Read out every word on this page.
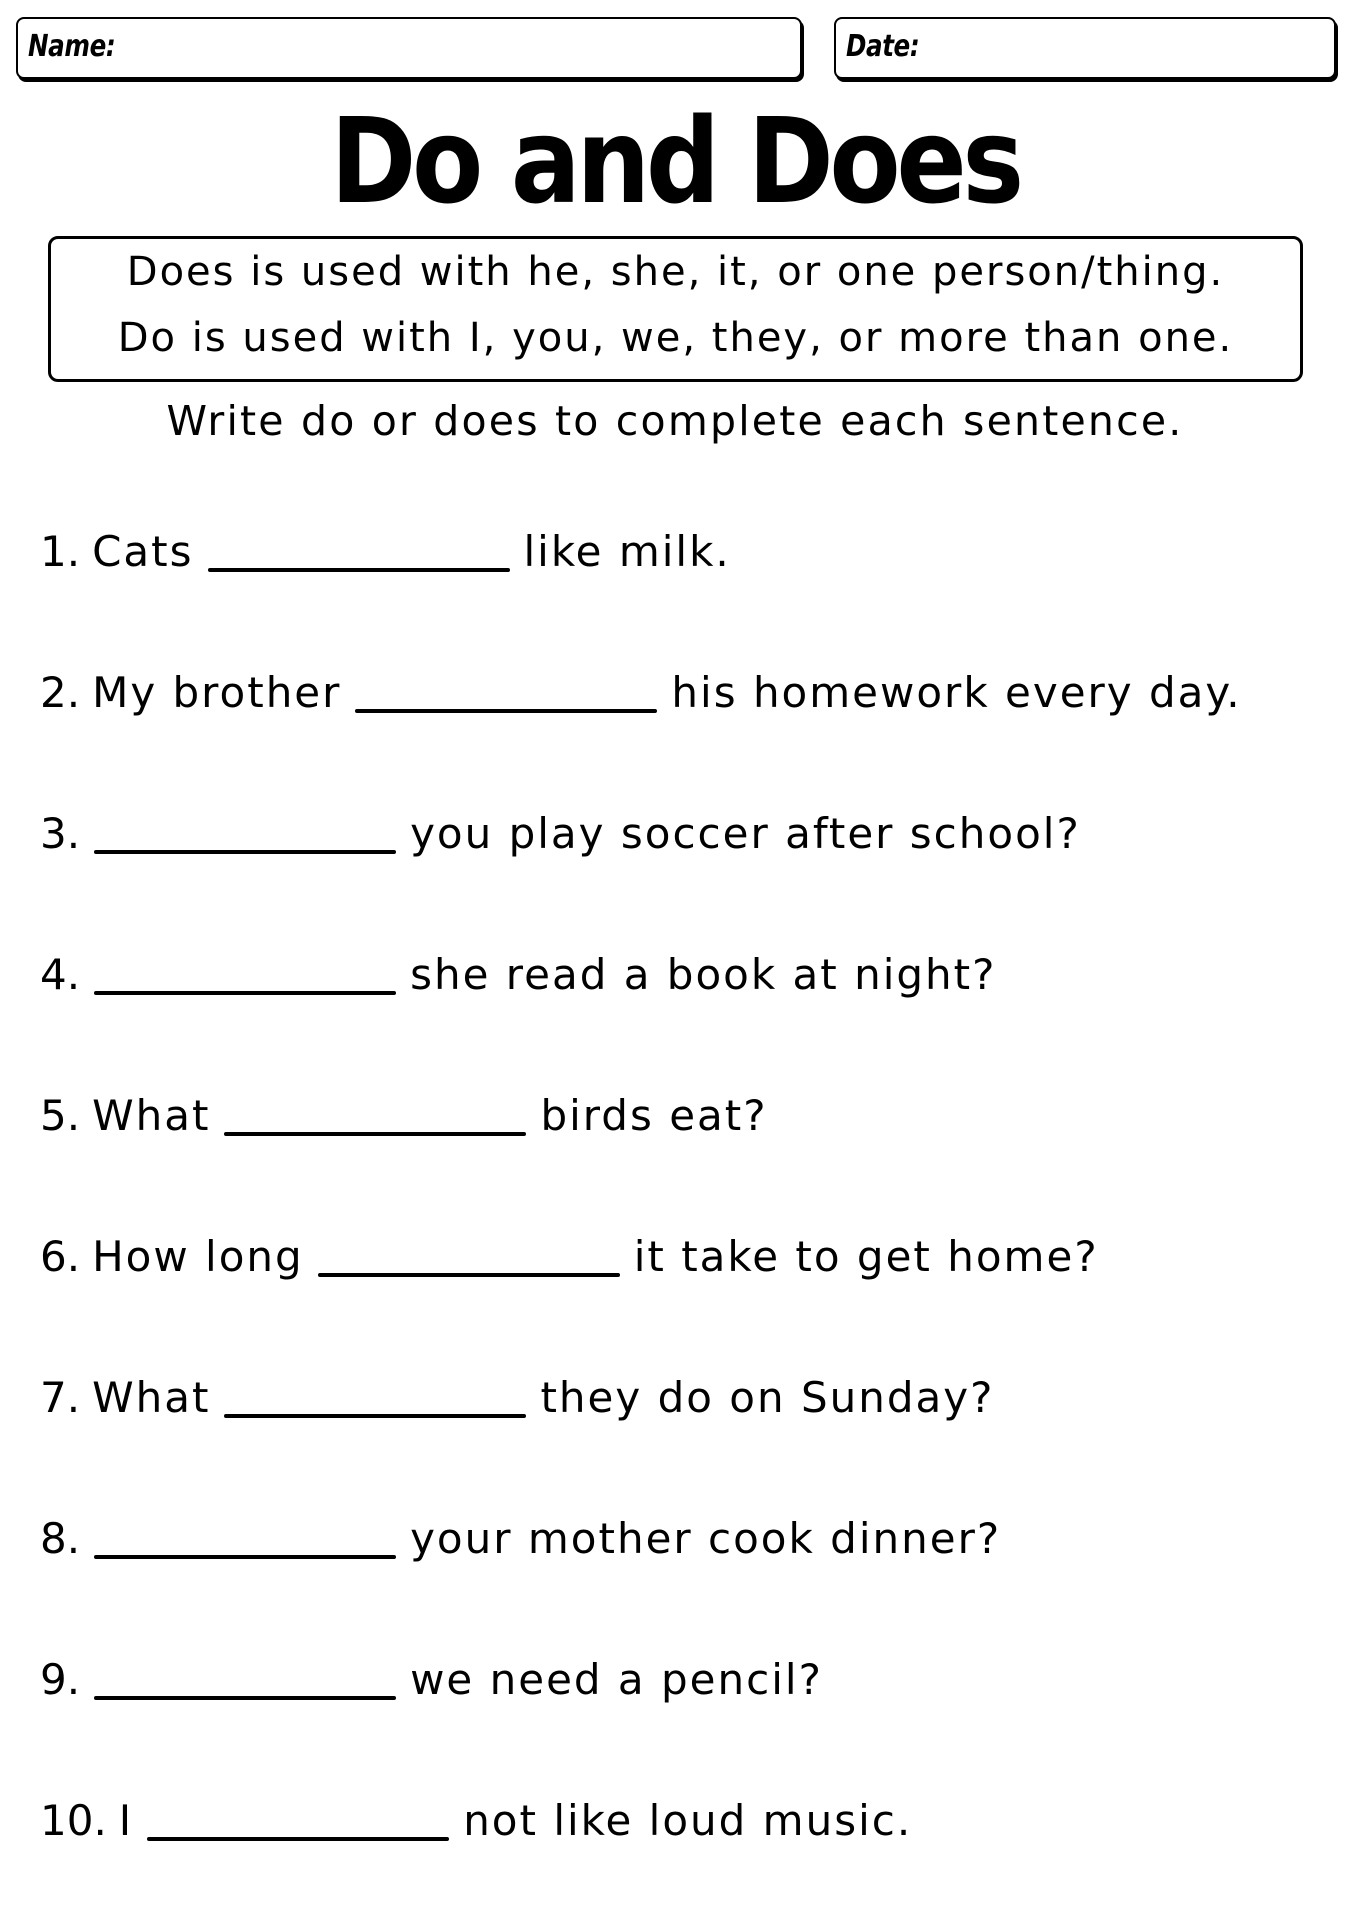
Name:	Date:
Do and Does
Does is used with he, she, it, or one person/thing.
Do is used with I, you, we, they, or more than one.
Write do or does to complete each sentence.
1. Cats	like milk.
2. My brother	his homework every day.
3.	you play soccer after school?
4.	she read a book at night?
5. What	birds eat?
6. How long	it take to get home?
7. What	they do on Sunday?
8.	your mother cook dinner?
9.	we need a pencil?
10. I	not like loud music.
